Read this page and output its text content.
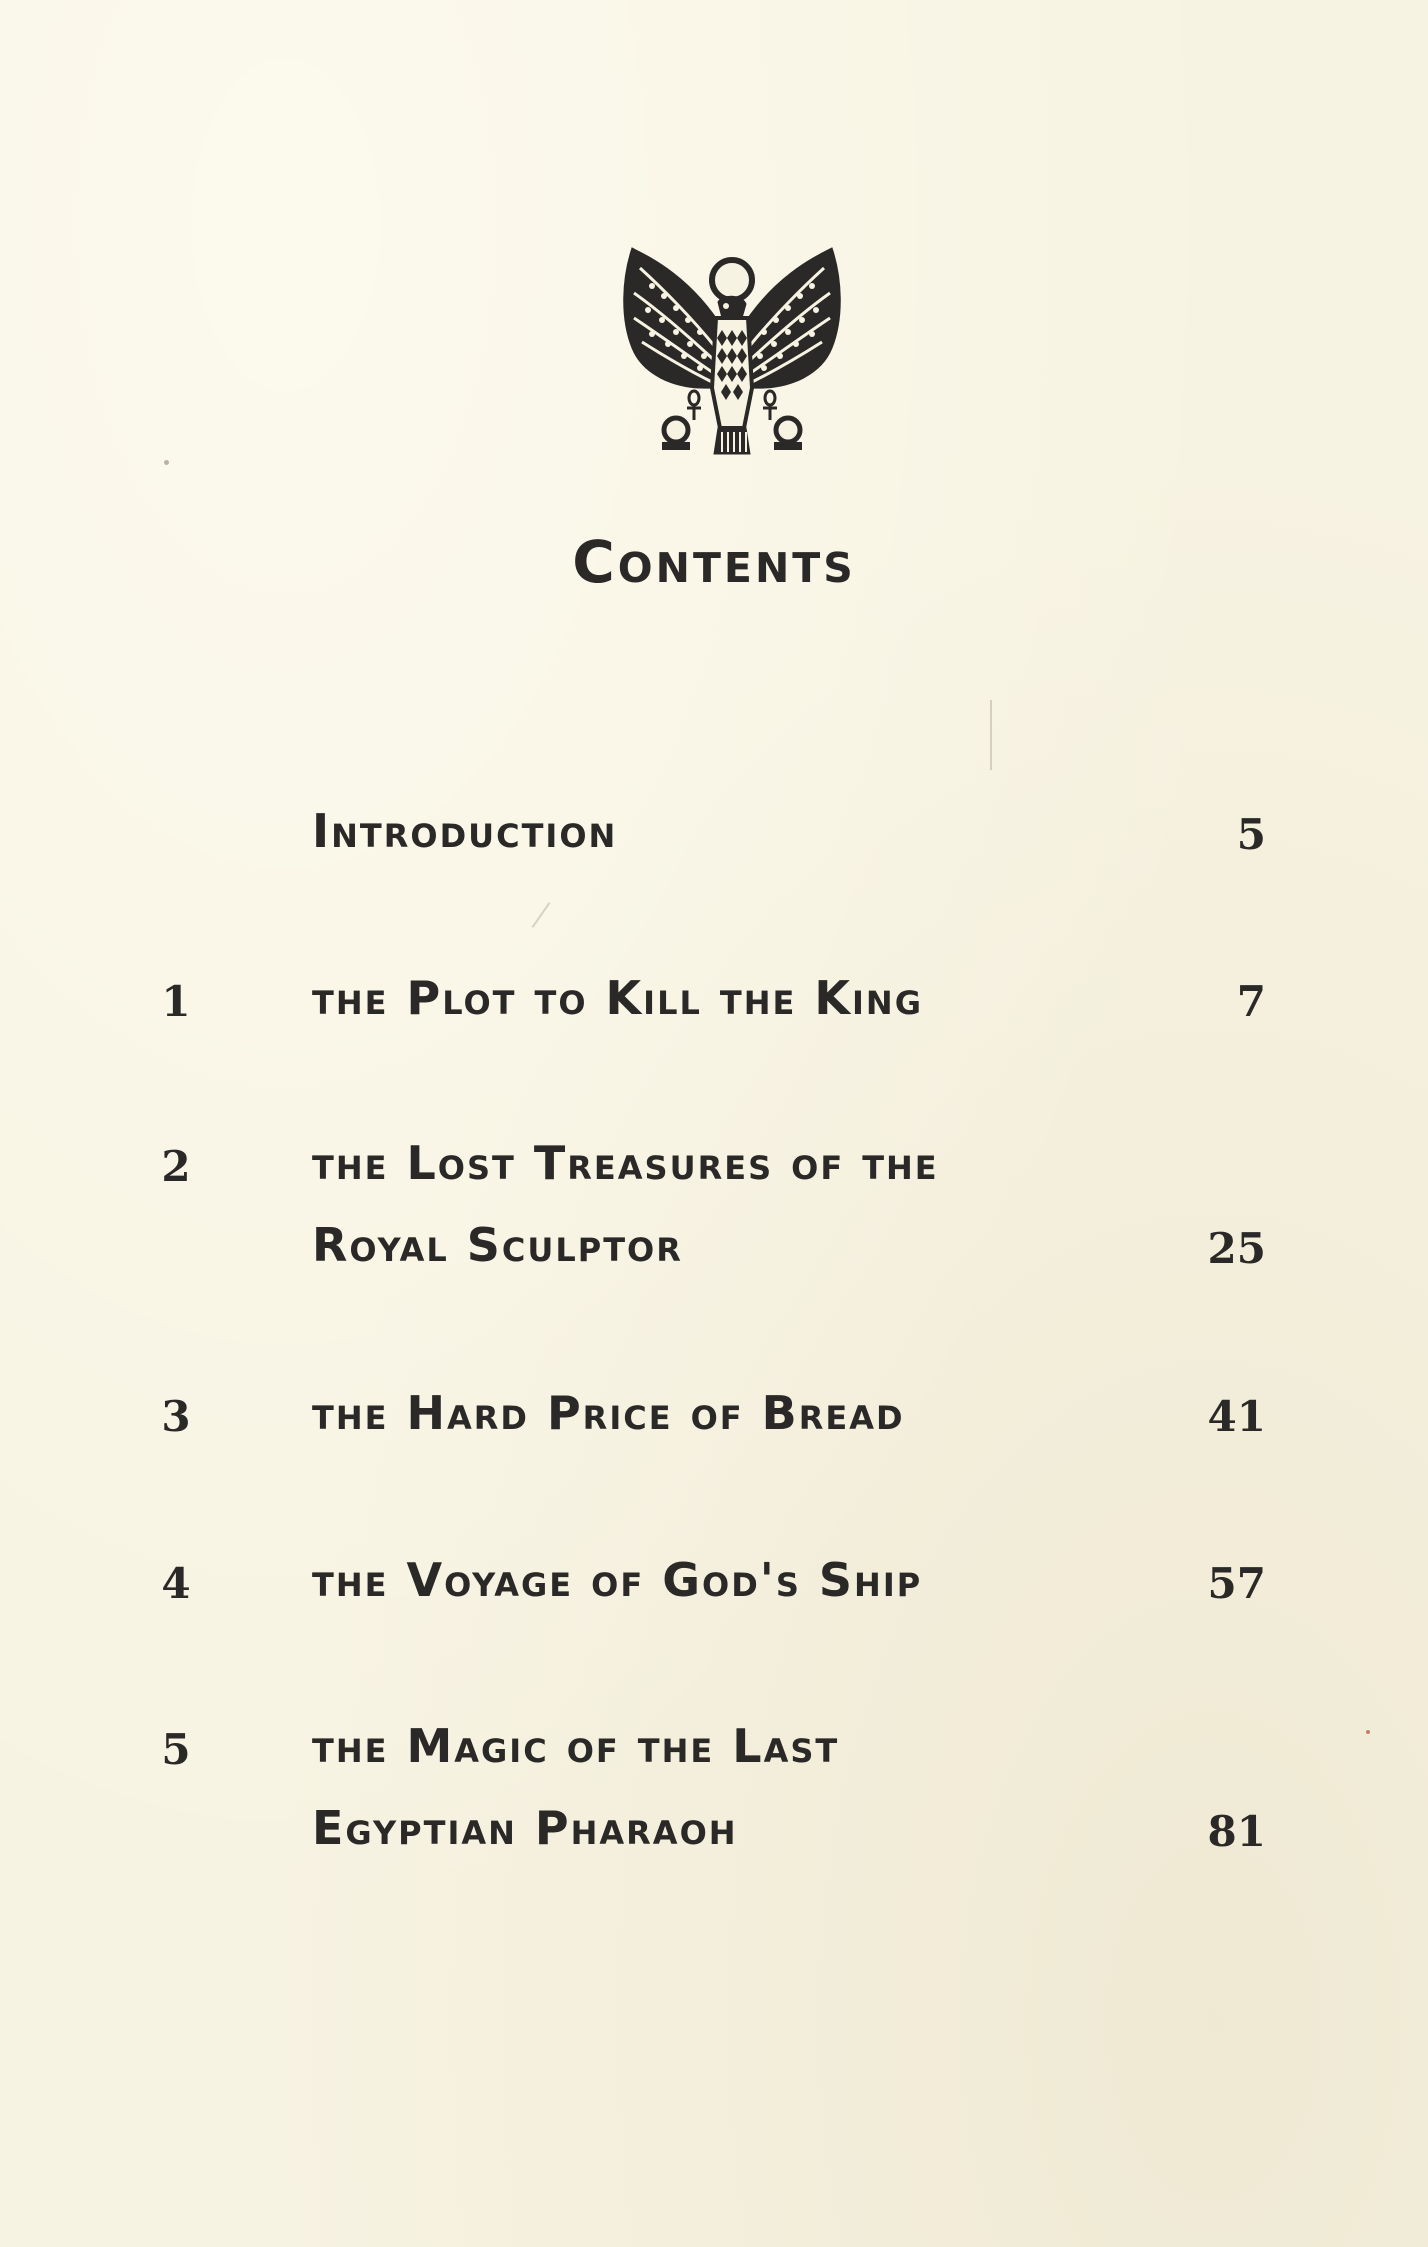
Contents
Introduction	5
1	the Plot to Kill the King	7
2	the Lost Treasures of the
Royal Sculptor	25
3	the Hard Price of Bread	41
4	the Voyage of God's Ship	57
5	the Magic of the Last
Egyptian Pharaoh	81
